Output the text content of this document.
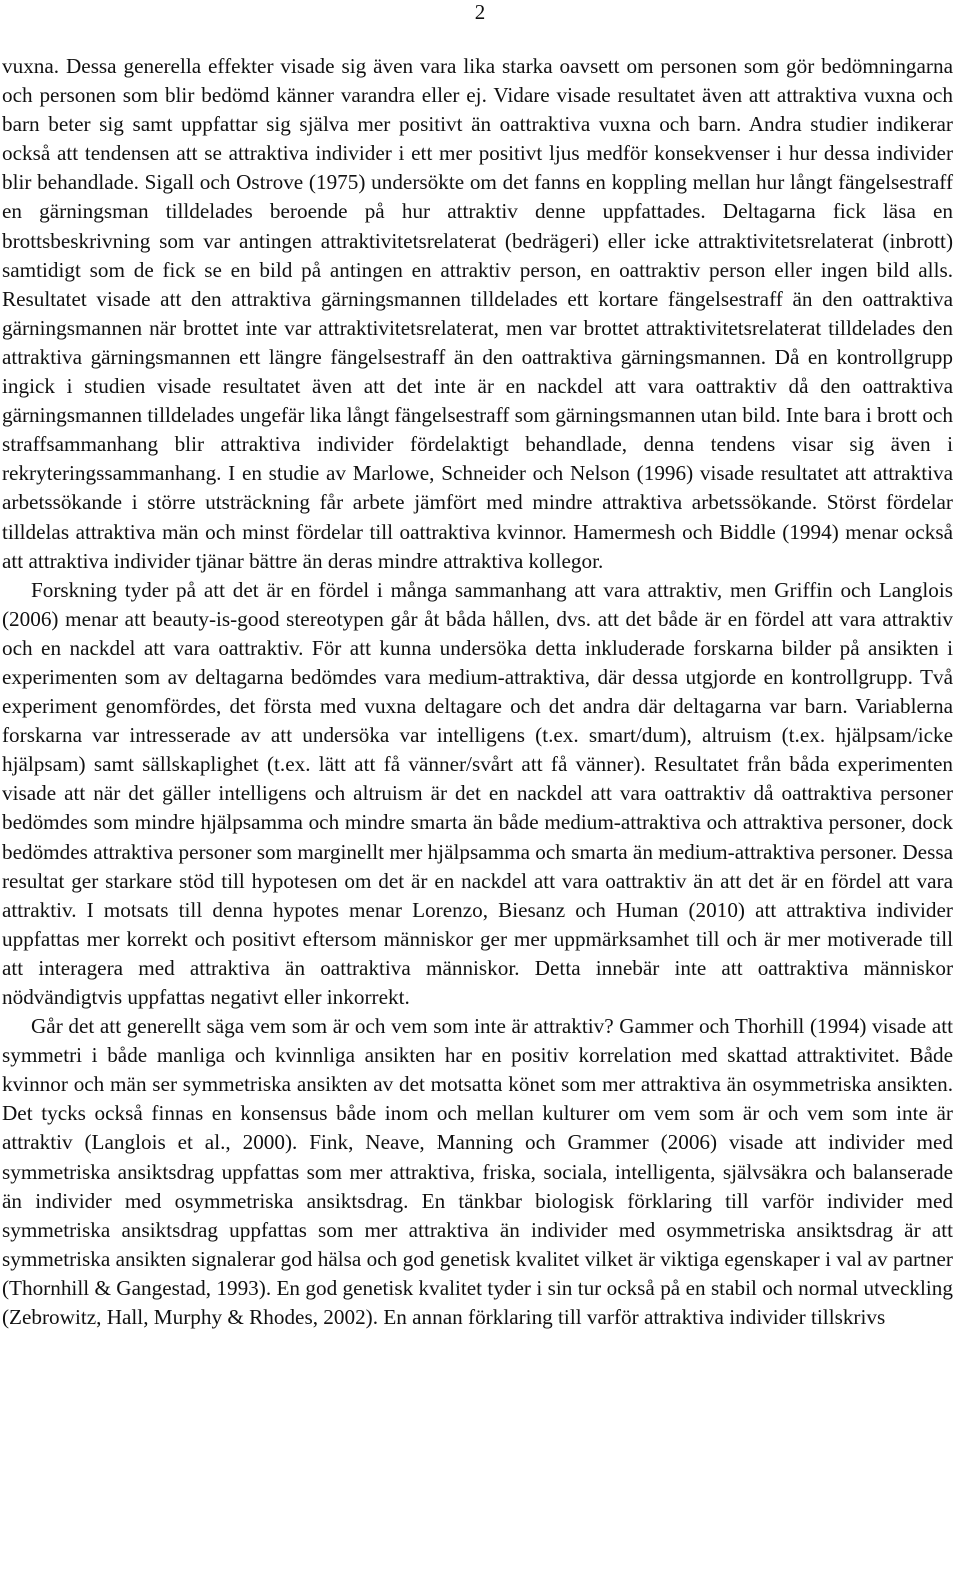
2

vuxna. Dessa generella effekter visade sig även vara lika starka oavsett om personen som gör bedömningarna och personen som blir bedömd känner varandra eller ej. Vidare visade resultatet även att attraktiva vuxna och barn beter sig samt uppfattar sig själva mer positivt än oattraktiva vuxna och barn. Andra studier indikerar också att tendensen att se attraktiva individer i ett mer positivt ljus medför konsekvenser i hur dessa individer blir behandlade. Sigall och Ostrove (1975) undersökte om det fanns en koppling mellan hur långt fängelsestraff en gärningsman tilldelades beroende på hur attraktiv denne uppfattades. Deltagarna fick läsa en brottsbeskrivning som var antingen attraktivitetsrelaterat (bedrägeri) eller icke attraktivitetsrelaterat (inbrott) samtidigt som de fick se en bild på antingen en attraktiv person, en oattraktiv person eller ingen bild alls. Resultatet visade att den attraktiva gärningsmannen tilldelades ett kortare fängelsestraff än den oattraktiva gärningsmannen när brottet inte var attraktivitetsrelaterat, men var brottet attraktivitetsrelaterat tilldelades den attraktiva gärningsmannen ett längre fängelsestraff än den oattraktiva gärningsmannen. Då en kontrollgrupp ingick i studien visade resultatet även att det inte är en nackdel att vara oattraktiv då den oattraktiva gärningsmannen tilldelades ungefär lika långt fängelsestraff som gärningsmannen utan bild. Inte bara i brott och straffsammanhang blir attraktiva individer fördelaktigt behandlade, denna tendens visar sig även i rekryteringssammanhang. I en studie av Marlowe, Schneider och Nelson (1996) visade resultatet att attraktiva arbetssökande i större utsträckning får arbete jämfört med mindre attraktiva arbetssökande. Störst fördelar tilldelas attraktiva män och minst fördelar till oattraktiva kvinnor. Hamermesh och Biddle (1994) menar också att attraktiva individer tjänar bättre än deras mindre attraktiva kollegor.

Forskning tyder på att det är en fördel i många sammanhang att vara attraktiv, men Griffin och Langlois (2006) menar att beauty-is-good stereotypen går åt båda hållen, dvs. att det både är en fördel att vara attraktiv och en nackdel att vara oattraktiv. För att kunna undersöka detta inkluderade forskarna bilder på ansikten i experimenten som av deltagarna bedömdes vara medium-attraktiva, där dessa utgjorde en kontrollgrupp. Två experiment genomfördes, det första med vuxna deltagare och det andra där deltagarna var barn. Variablerna forskarna var intresserade av att undersöka var intelligens (t.ex. smart/dum), altruism (t.ex. hjälpsam/icke hjälpsam) samt sällskaplighet (t.ex. lätt att få vänner/svårt att få vänner). Resultatet från båda experimenten visade att när det gäller intelligens och altruism är det en nackdel att vara oattraktiv då oattraktiva personer bedömdes som mindre hjälpsamma och mindre smarta än både medium-attraktiva och attraktiva personer, dock bedömdes attraktiva personer som marginellt mer hjälpsamma och smarta än medium-attraktiva personer. Dessa resultat ger starkare stöd till hypotesen om det är en nackdel att vara oattraktiv än att det är en fördel att vara attraktiv. I motsats till denna hypotes menar Lorenzo, Biesanz och Human (2010) att attraktiva individer uppfattas mer korrekt och positivt eftersom människor ger mer uppmärksamhet till och är mer motiverade till att interagera med attraktiva än oattraktiva människor. Detta innebär inte att oattraktiva människor nödvändigtvis uppfattas negativt eller inkorrekt.

Går det att generellt säga vem som är och vem som inte är attraktiv? Gammer och Thorhill (1994) visade att symmetri i både manliga och kvinnliga ansikten har en positiv korrelation med skattad attraktivitet. Både kvinnor och män ser symmetriska ansikten av det motsatta könet som mer attraktiva än osymmetriska ansikten. Det tycks också finnas en konsensus både inom och mellan kulturer om vem som är och vem som inte är attraktiv (Langlois et al., 2000). Fink, Neave, Manning och Grammer (2006) visade att individer med symmetriska ansiktsdrag uppfattas som mer attraktiva, friska, sociala, intelligenta, självsäkra och balanserade än individer med osymmetriska ansiktsdrag. En tänkbar biologisk förklaring till varför individer med symmetriska ansiktsdrag uppfattas som mer attraktiva än individer med osymmetriska ansiktsdrag är att symmetriska ansikten signalerar god hälsa och god genetisk kvalitet vilket är viktiga egenskaper i val av partner (Thornhill & Gangestad, 1993). En god genetisk kvalitet tyder i sin tur också på en stabil och normal utveckling (Zebrowitz, Hall, Murphy & Rhodes, 2002). En annan förklaring till varför attraktiva individer tillskrivs
